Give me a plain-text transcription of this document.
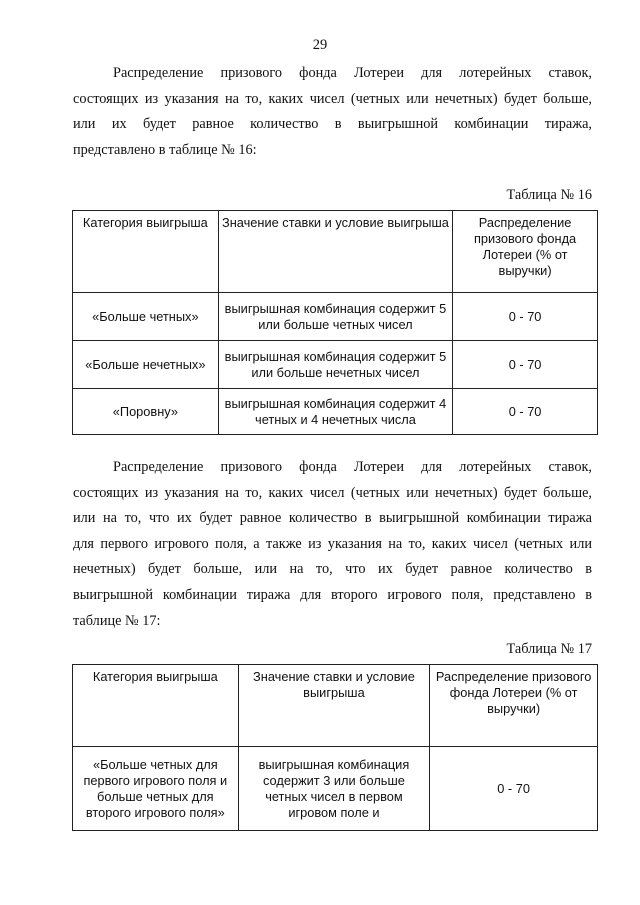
29
Распределение призового фонда Лотереи для лотерейных ставок,
состоящих из указания на то, каких чисел (четных или нечетных) будет больше,
или их будет равное количество в выигрышной комбинации тиража,
представлено в таблице № 16:
Таблица № 16
Категория выигрыша	Значение ставки и условие выигрыша	Распределение призового фонда Лотереи (% от выручки)
«Больше четных»	выигрышная комбинация содержит 5 или больше четных чисел	0 - 70
«Больше нечетных»	выигрышная комбинация содержит 5 или больше нечетных чисел	0 - 70
«Поровну»	выигрышная комбинация содержит 4 четных и 4 нечетных числа	0 - 70
Распределение призового фонда Лотереи для лотерейных ставок,
состоящих из указания на то, каких чисел (четных или нечетных) будет больше,
или на то, что их будет равное количество в выигрышной комбинации тиража
для первого игрового поля, а также из указания на то, каких чисел (четных или
нечетных) будет больше, или на то, что их будет равное количество в
выигрышной комбинации тиража для второго игрового поля, представлено в
таблице № 17:
Таблица № 17
Категория выигрыша	Значение ставки и условие выигрыша	Распределение призового фонда Лотереи (% от выручки)
«Больше четных для первого игрового поля и больше четных для второго игрового поля»	выигрышная комбинация содержит 3 или больше четных чисел в первом игровом поле и	0 - 70
